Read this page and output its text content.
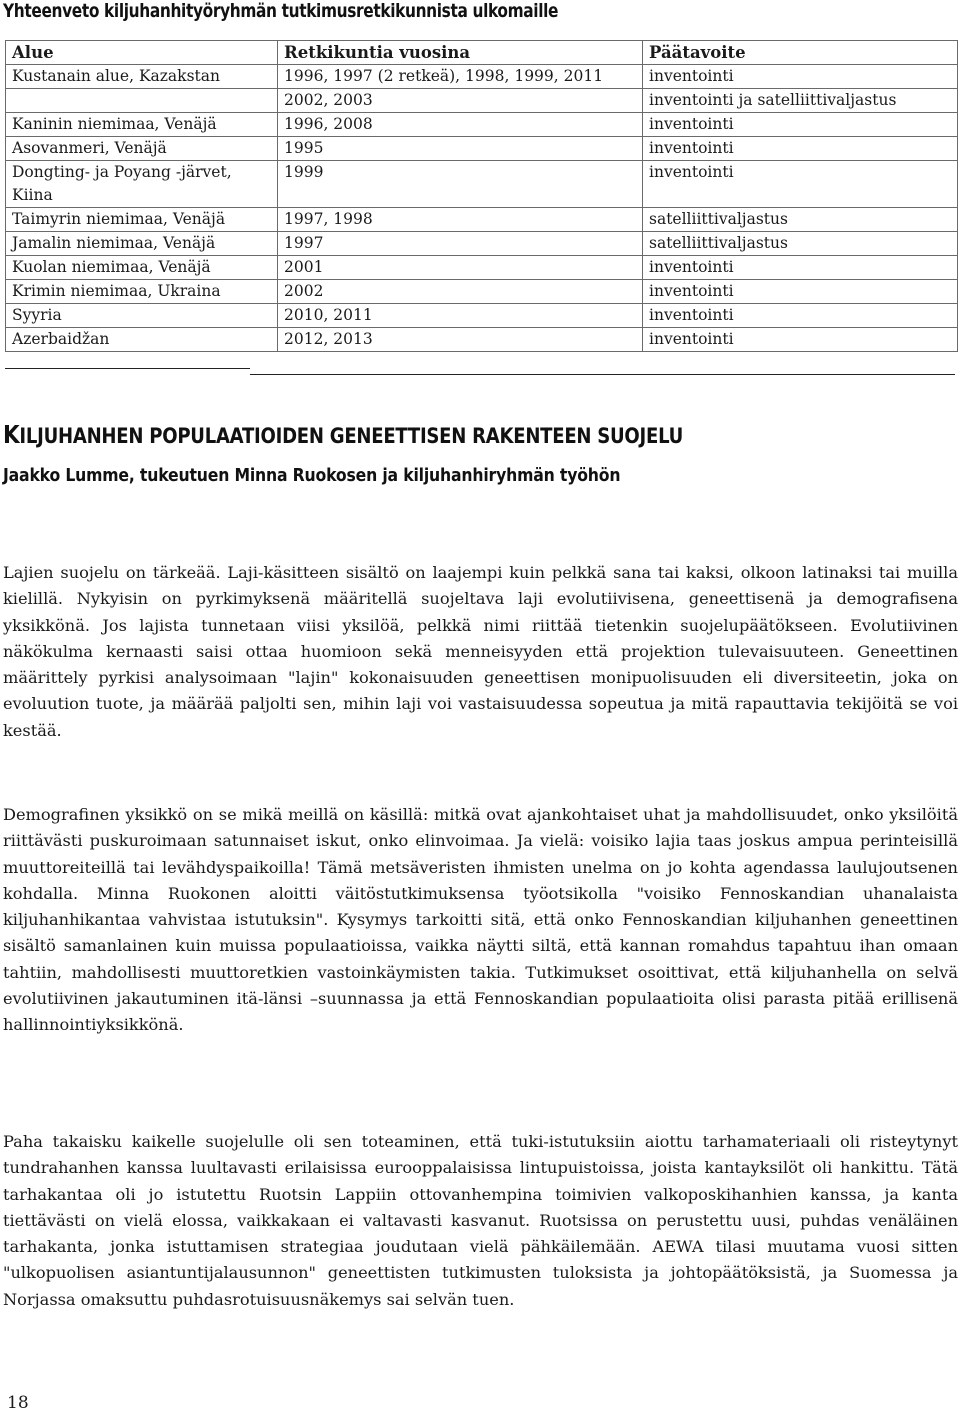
Yhteenveto kiljuhanhityöryhmän tutkimusretkikunnista ulkomaille
Alue	Retkikuntia vuosina	Päätavoite
Kustanain alue, Kazakstan	1996, 1997 (2 retkeä), 1998, 1999, 2011	inventointi
	2002, 2003	inventointi ja satelliittivaljastus
Kaninin niemimaa, Venäjä	1996, 2008	inventointi
Asovanmeri, Venäjä	1995	inventointi
Dongting- ja Poyang -järvet, Kiina	1999	inventointi
Taimyrin niemimaa, Venäjä	1997, 1998	satelliittivaljastus
Jamalin niemimaa, Venäjä	1997	satelliittivaljastus
Kuolan niemimaa, Venäjä	2001	inventointi
Krimin niemimaa, Ukraina	2002	inventointi
Syyria	2010, 2011	inventointi
Azerbaidžan	2012, 2013	inventointi
KILJUHANHEN POPULAATIOIDEN GENEETTISEN RAKENTEEN SUOJELU
Jaakko Lumme, tukeutuen Minna Ruokosen ja kiljuhanhiryhmän työhön

Lajien suojelu on tärkeää. Laji-käsitteen sisältö on laajempi kuin pelkkä sana tai kaksi, olkoon latinaksi tai muilla kielillä. Nykyisin on pyrkimyksenä määritellä suojeltava laji evolutiivisena, geneettisenä ja demografisena yksikkönä. Jos lajista tunnetaan viisi yksilöä, pelkkä nimi riittää tietenkin suojelupäätökseen. Evolutiivinen näkökulma kernaasti saisi ottaa huomioon sekä menneisyyden että projektion tulevaisuuteen. Geneettinen määrittely pyrkisi analysoimaan "lajin" kokonaisuuden geneettisen monipuolisuuden eli diversiteetin, joka on evoluution tuote, ja määrää paljolti sen, mihin laji voi vastaisuudessa sopeutua ja mitä rapauttavia tekijöitä se voi kestää.

Demografinen yksikkö on se mikä meillä on käsillä: mitkä ovat ajankohtaiset uhat ja mahdollisuudet, onko yksilöitä riittävästi puskuroimaan satunnaiset iskut, onko elinvoimaa. Ja vielä: voisiko lajia taas joskus ampua perinteisillä muuttoreiteillä tai levähdyspaikoilla! Tämä metsäveristen ihmisten unelma on jo kohta agendassa laulujoutsenen kohdalla. Minna Ruokonen aloitti väitöstutkimuksensa työotsikolla "voisiko Fennoskandian uhanalaista kiljuhanhikantaa vahvistaa istutuksin". Kysymys tarkoitti sitä, että onko Fennoskandian kiljuhanhen geneettinen sisältö samanlainen kuin muissa populaatioissa, vaikka näytti siltä, että kannan romahdus tapahtuu ihan omaan tahtiin, mahdollisesti muuttoretkien vastoinkäymisten takia. Tutkimukset osoittivat, että kiljuhanhella on selvä evolutiivinen jakautuminen itä-länsi –suunnassa ja että Fennoskandian populaatioita olisi parasta pitää erillisenä hallinnointiyksikkönä.

Paha takaisku kaikelle suojelulle oli sen toteaminen, että tuki-istutuksiin aiottu tarhamateriaali oli risteytynyt tundrahanhen kanssa luultavasti erilaisissa eurooppalaisissa lintupuistoissa, joista kantayksilöt oli hankittu. Tätä tarhakantaa oli jo istutettu Ruotsin Lappiin ottovanhempina toimivien valkoposkihanhien kanssa, ja kanta tiettävästi on vielä elossa, vaikkakaan ei valtavasti kasvanut. Ruotsissa on perustettu uusi, puhdas venäläinen tarhakanta, jonka istuttamisen strategiaa joudutaan vielä pähkäilemään. AEWA tilasi muutama vuosi sitten "ulkopuolisen asiantuntijalausunnon" geneettisten tutkimusten tuloksista ja johtopäätöksistä, ja Suomessa ja Norjassa omaksuttu puhdasrotuisuusnäkemys sai selvän tuen.

18
